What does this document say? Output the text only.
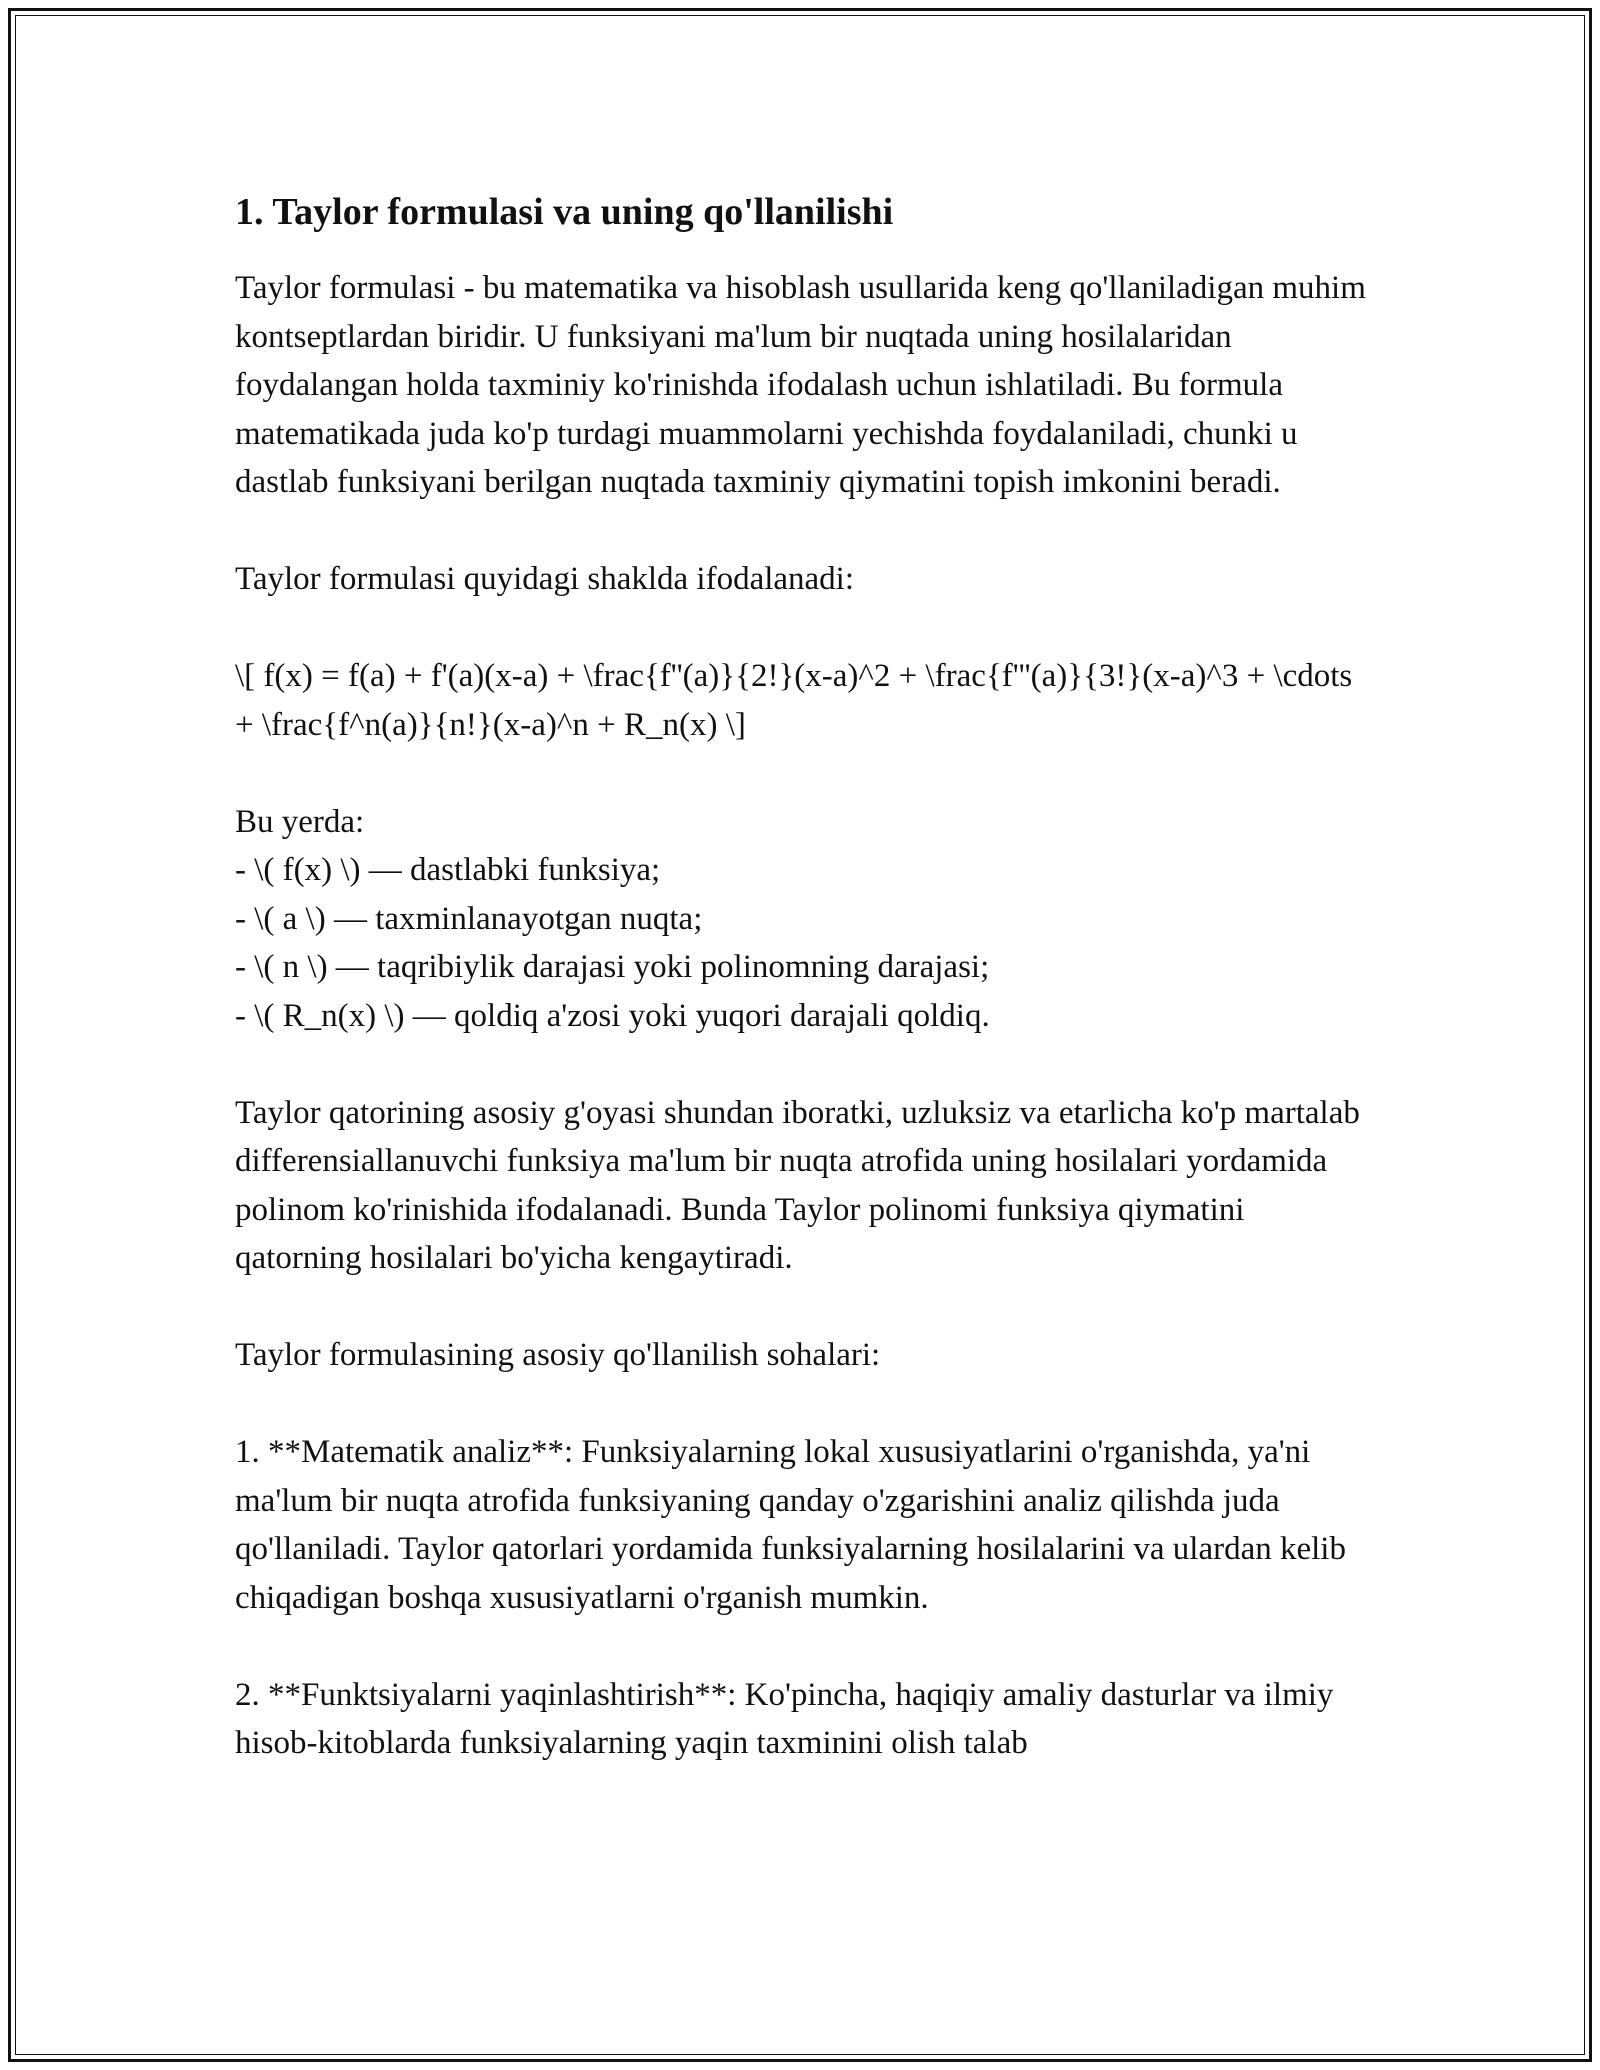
1. Taylor formulasi va uning qo'llanilishi

Taylor formulasi - bu matematika va hisoblash usullarida keng qo'llaniladigan muhim kontseptlardan biridir. U funksiyani ma'lum bir nuqtada uning hosilalaridan foydalangan holda taxminiy ko'rinishda ifodalash uchun ishlatiladi. Bu formula matematikada juda ko'p turdagi muammolarni yechishda foydalaniladi, chunki u dastlab funksiyani berilgan nuqtada taxminiy qiymatini topish imkonini beradi.

Taylor formulasi quyidagi shaklda ifodalanadi:

\[ f(x) = f(a) + f'(a)(x-a) + \frac{f''(a)}{2!}(x-a)^2 + \frac{f'''(a)}{3!}(x-a)^3 + \cdots + \frac{f^n(a)}{n!}(x-a)^n + R_n(x) \]

Bu yerda:
- \( f(x) \) — dastlabki funksiya;
- \( a \) — taxminlanayotgan nuqta;
- \( n \) — taqribiylik darajasi yoki polinomning darajasi;
- \( R_n(x) \) — qoldiq a'zosi yoki yuqori darajali qoldiq.

Taylor qatorining asosiy g'oyasi shundan iboratki, uzluksiz va etarlicha ko'p martalab differensiallanuvchi funksiya ma'lum bir nuqta atrofida uning hosilalari yordamida polinom ko'rinishida ifodalanadi. Bunda Taylor polinomi funksiya qiymatini qatorning hosilalari bo'yicha kengaytiradi.

Taylor formulasining asosiy qo'llanilish sohalari:

1. **Matematik analiz**: Funksiyalarning lokal xususiyatlarini o'rganishda, ya'ni ma'lum bir nuqta atrofida funksiyaning qanday o'zgarishini analiz qilishda juda qo'llaniladi. Taylor qatorlari yordamida funksiyalarning hosilalarini va ulardan kelib chiqadigan boshqa xususiyatlarni o'rganish mumkin.

2. **Funktsiyalarni yaqinlashtirish**: Ko'pincha, haqiqiy amaliy dasturlar va ilmiy hisob-kitoblarda funksiyalarning yaqin taxminini olish talab
